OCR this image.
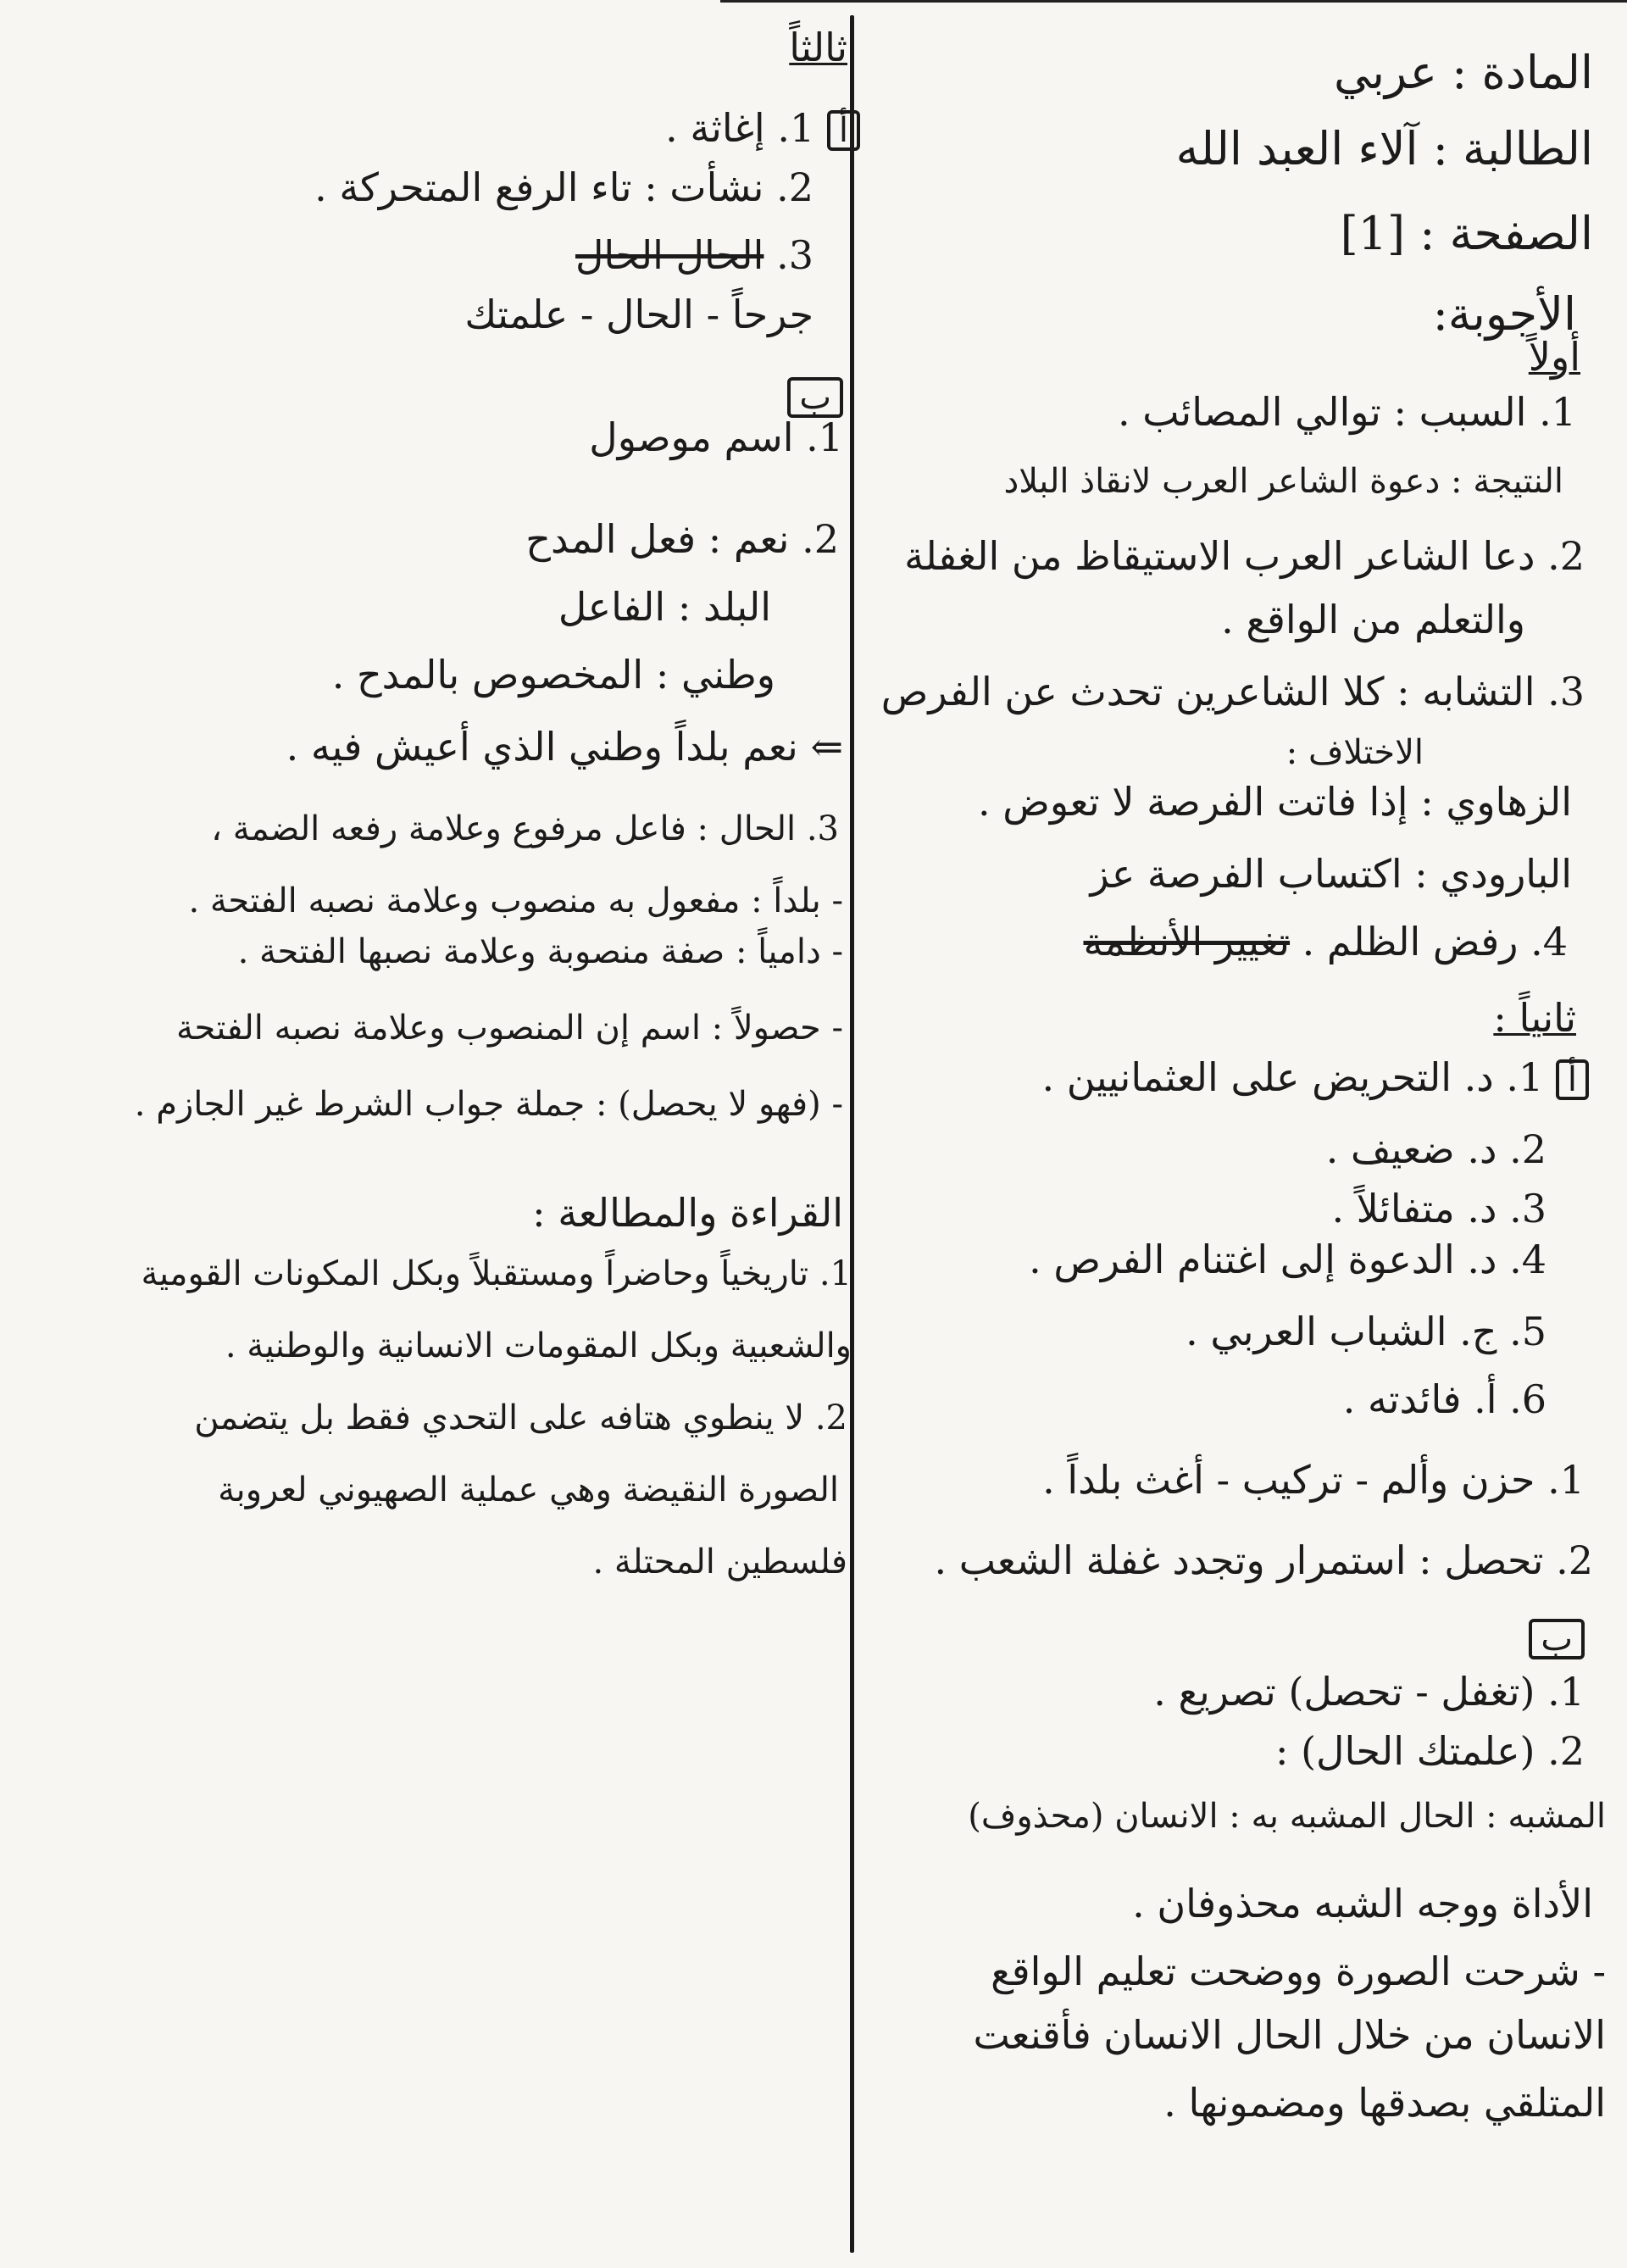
المادة : عربي
الطالبة : آلاء العبد الله
الصفحة : [1]
الأجوبة:
أولاً
1. السبب : توالي المصائب .
النتيجة : دعوة الشاعر العرب لانقاذ البلاد
2. دعا الشاعر العرب الاستيقاظ من الغفلة
والتعلم من الواقع .
3. التشابه : كلا الشاعرين تحدث عن الفرص
الاختلاف :
الزهاوي : إذا فاتت الفرصة لا تعوض .
البارودي : اكتساب الفرصة عز
4. رفض الظلم . تغيير الأنظمة
ثانياً :
أ 1. د. التحريض على العثمانيين .
2. د. ضعيف .
3. د. متفائلاً .
4. د. الدعوة إلى اغتنام الفرص .
5. ج. الشباب العربي .
6. أ. فائدته .
1. حزن وألم - تركيب - أغث بلداً .
2. تحصل : استمرار وتجدد غفلة الشعب .
ب
1. (تغفل - تحصل) تصريع .
2. (علمتك الحال) :
المشبه : الحال المشبه به : الانسان (محذوف)
الأداة ووجه الشبه محذوفان .
- شرحت الصورة ووضحت تعليم الواقع
الانسان من خلال الحال الانسان فأقنعت
المتلقي بصدقها ومضمونها .
ثالثاً
أ 1. إغاثة .
2. نشأت : تاء الرفع المتحركة .
3. الحال الحال
جرحاً - الحال - علمتك
ب
1. اسم موصول
2. نعم : فعل المدح
البلد : الفاعل
وطني : المخصوص بالمدح .
⇐ نعم بلداً وطني الذي أعيش فيه .
3. الحال : فاعل مرفوع وعلامة رفعه الضمة ،
- بلداً : مفعول به منصوب وعلامة نصبه الفتحة .
- دامياً : صفة منصوبة وعلامة نصبها الفتحة .
- حصولاً : اسم إن المنصوب وعلامة نصبه الفتحة
- (فهو لا يحصل) : جملة جواب الشرط غير الجازم .
القراءة والمطالعة :
1. تاريخياً وحاضراً ومستقبلاً وبكل المكونات القومية
والشعبية وبكل المقومات الانسانية والوطنية .
2. لا ينطوي هتافه على التحدي فقط بل يتضمن
الصورة النقيضة وهي عملية الصهيوني لعروبة
فلسطين المحتلة .
